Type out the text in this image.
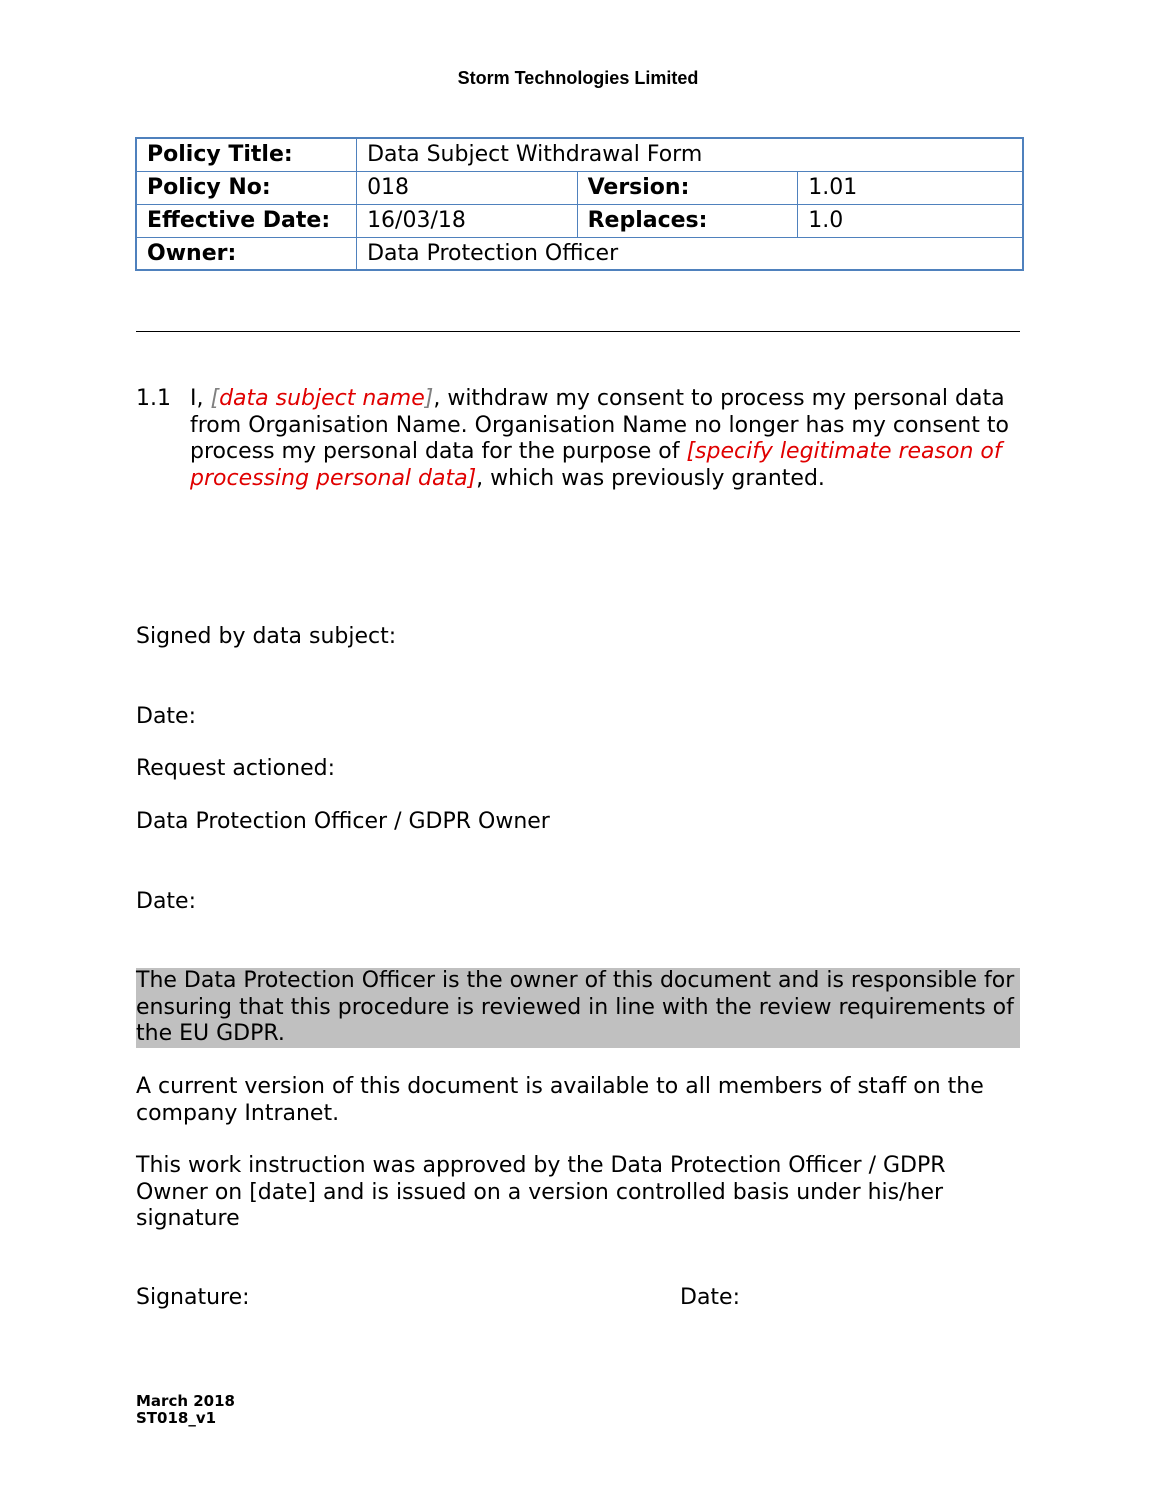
Storm Technologies Limited
Policy Title:	Data Subject Withdrawal Form		
Policy No:	018	Version:	1.01
Effective Date:	16/03/18	Replaces:	1.0
Owner:	Data Protection Officer		
1.1 I, [data subject name], withdraw my consent to process my personal data from Organisation Name. Organisation Name no longer has my consent to process my personal data for the purpose of [specify legitimate reason of processing personal data], which was previously granted.
Signed by data subject:
Date:
Request actioned:
Data Protection Officer / GDPR Owner
Date:
The Data Protection Officer is the owner of this document and is responsible for ensuring that this procedure is reviewed in line with the review requirements of the EU GDPR.
A current version of this document is available to all members of staff on the company Intranet.
This work instruction was approved by the Data Protection Officer / GDPR Owner on [date] and is issued on a version controlled basis under his/her signature
Signature:	Date:
March 2018
ST018_v1
